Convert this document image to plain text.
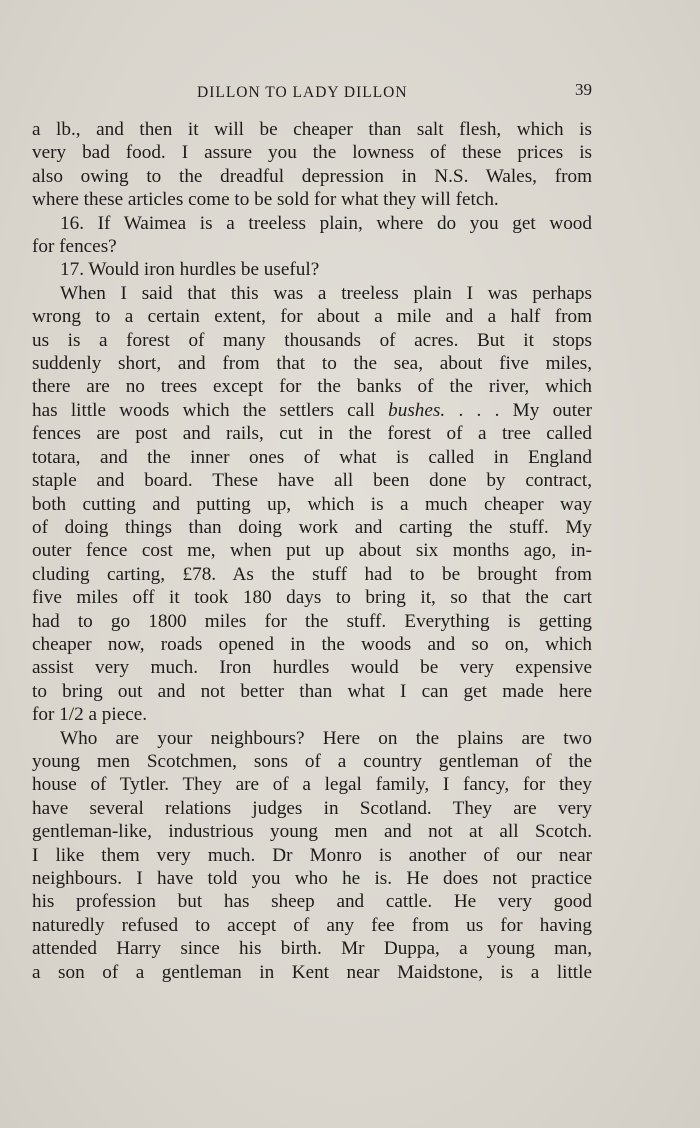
DILLON TO LADY DILLON	39

a lb., and then it will be cheaper than salt flesh, which is
very bad food. I assure you the lowness of these prices is
also owing to the dreadful depression in N.S. Wales, from
where these articles come to be sold for what they will fetch.

16. If Waimea is a treeless plain, where do you get wood
for fences?

17. Would iron hurdles be useful?

When I said that this was a treeless plain I was perhaps
wrong to a certain extent, for about a mile and a half from
us is a forest of many thousands of acres. But it stops
suddenly short, and from that to the sea, about five miles,
there are no trees except for the banks of the river, which
has little woods which the settlers call bushes. . . . My outer
fences are post and rails, cut in the forest of a tree called
totara, and the inner ones of what is called in England
staple and board. These have all been done by contract,
both cutting and putting up, which is a much cheaper way
of doing things than doing work and carting the stuff. My
outer fence cost me, when put up about six months ago, in-
cluding carting, £78. As the stuff had to be brought from
five miles off it took 180 days to bring it, so that the cart
had to go 1800 miles for the stuff. Everything is getting
cheaper now, roads opened in the woods and so on, which
assist very much. Iron hurdles would be very expensive
to bring out and not better than what I can get made here
for 1/2 a piece.

Who are your neighbours? Here on the plains are two
young men Scotchmen, sons of a country gentleman of the
house of Tytler. They are of a legal family, I fancy, for they
have several relations judges in Scotland. They are very
gentleman-like, industrious young men and not at all Scotch.
I like them very much. Dr Monro is another of our near
neighbours. I have told you who he is. He does not practice
his profession but has sheep and cattle. He very good
naturedly refused to accept of any fee from us for having
attended Harry since his birth. Mr Duppa, a young man,
a son of a gentleman in Kent near Maidstone, is a little
